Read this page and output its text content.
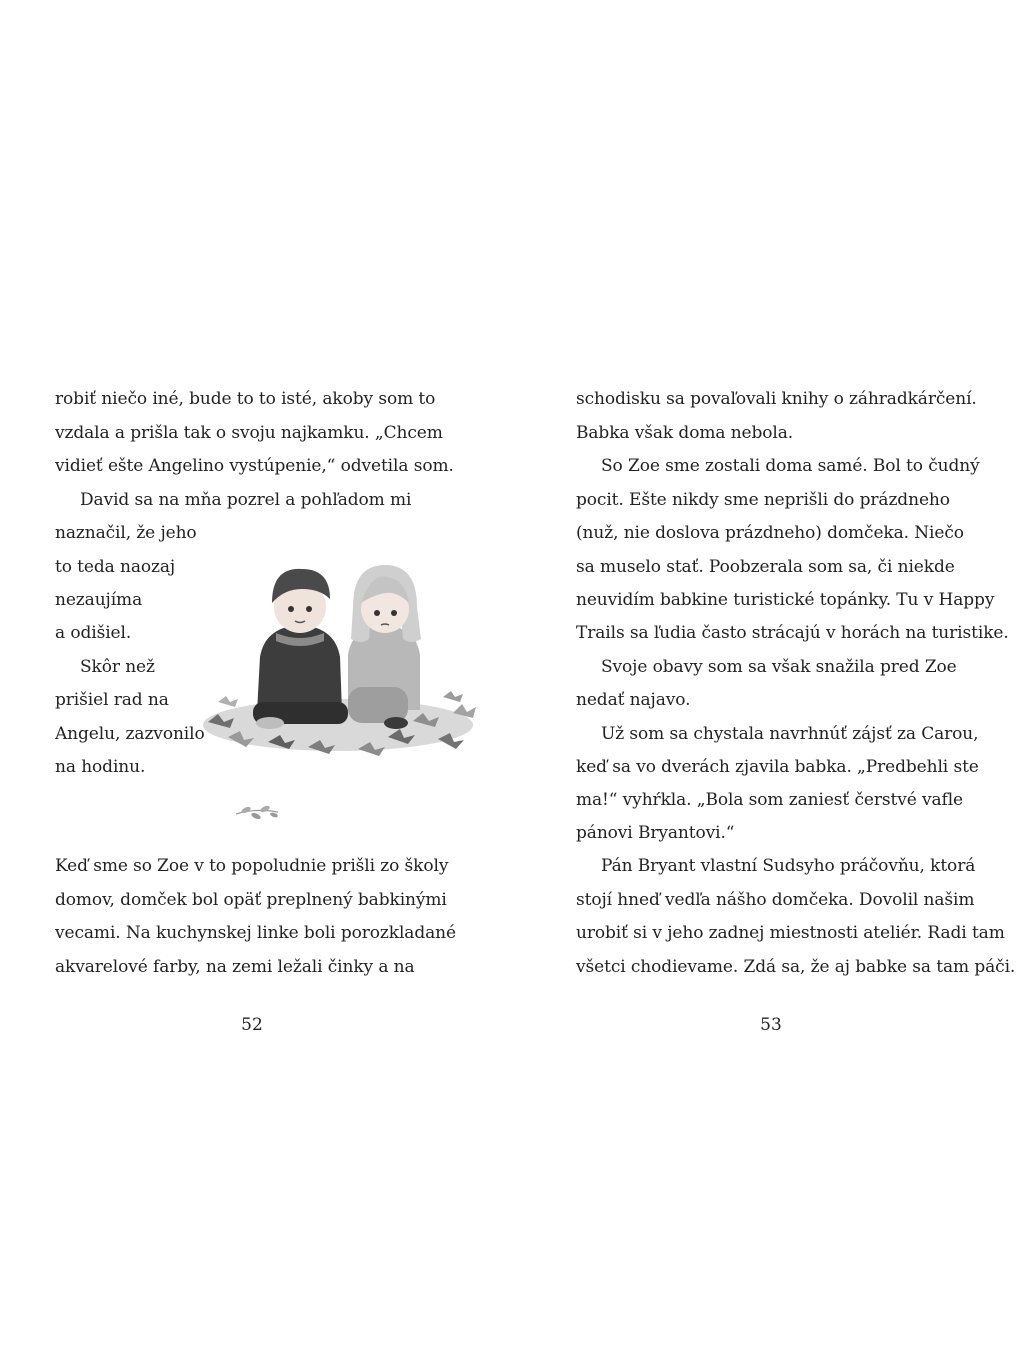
robiť niečo iné, bude to to isté, akoby som to
vzdala a prišla tak o svoju najkamku. „Chcem
vidieť ešte Angelino vystúpenie,“ odvetila som.
David sa na mňa pozrel a pohľadom mi
naznačil, že jeho
to teda naozaj
nezaujíma
a odišiel.
Skôr než
prišiel rad na
Angelu, zazvonilo
na hodinu.
Keď sme so Zoe v to popoludnie prišli zo školy
domov, domček bol opäť preplnený babkinými
vecami. Na kuchynskej linke boli porozkladané
akvarelové farby, na zemi ležali činky a na
52
schodisku sa povaľovali knihy o záhradkárčení.
Babka však doma nebola.
So Zoe sme zostali doma samé. Bol to čudný
pocit. Ešte nikdy sme neprišli do prázdneho
(nuž, nie doslova prázdneho) domčeka. Niečo
sa muselo stať. Poobzerala som sa, či niekde
neuvidím babkine turistické topánky. Tu v Happy
Trails sa ľudia často strácajú v horách na turistike.
Svoje obavy som sa však snažila pred Zoe
nedať najavo.
Už som sa chystala navrhnúť zájsť za Carou,
keď sa vo dverách zjavila babka. „Predbehli ste
ma!“ vyhŕkla. „Bola som zaniesť čerstvé vafle
pánovi Bryantovi.“
Pán Bryant vlastní Sudsyho práčovňu, ktorá
stojí hneď vedľa nášho domčeka. Dovolil našim
urobiť si v jeho zadnej miestnosti ateliér. Radi tam
všetci chodievame. Zdá sa, že aj babke sa tam páči.
53
